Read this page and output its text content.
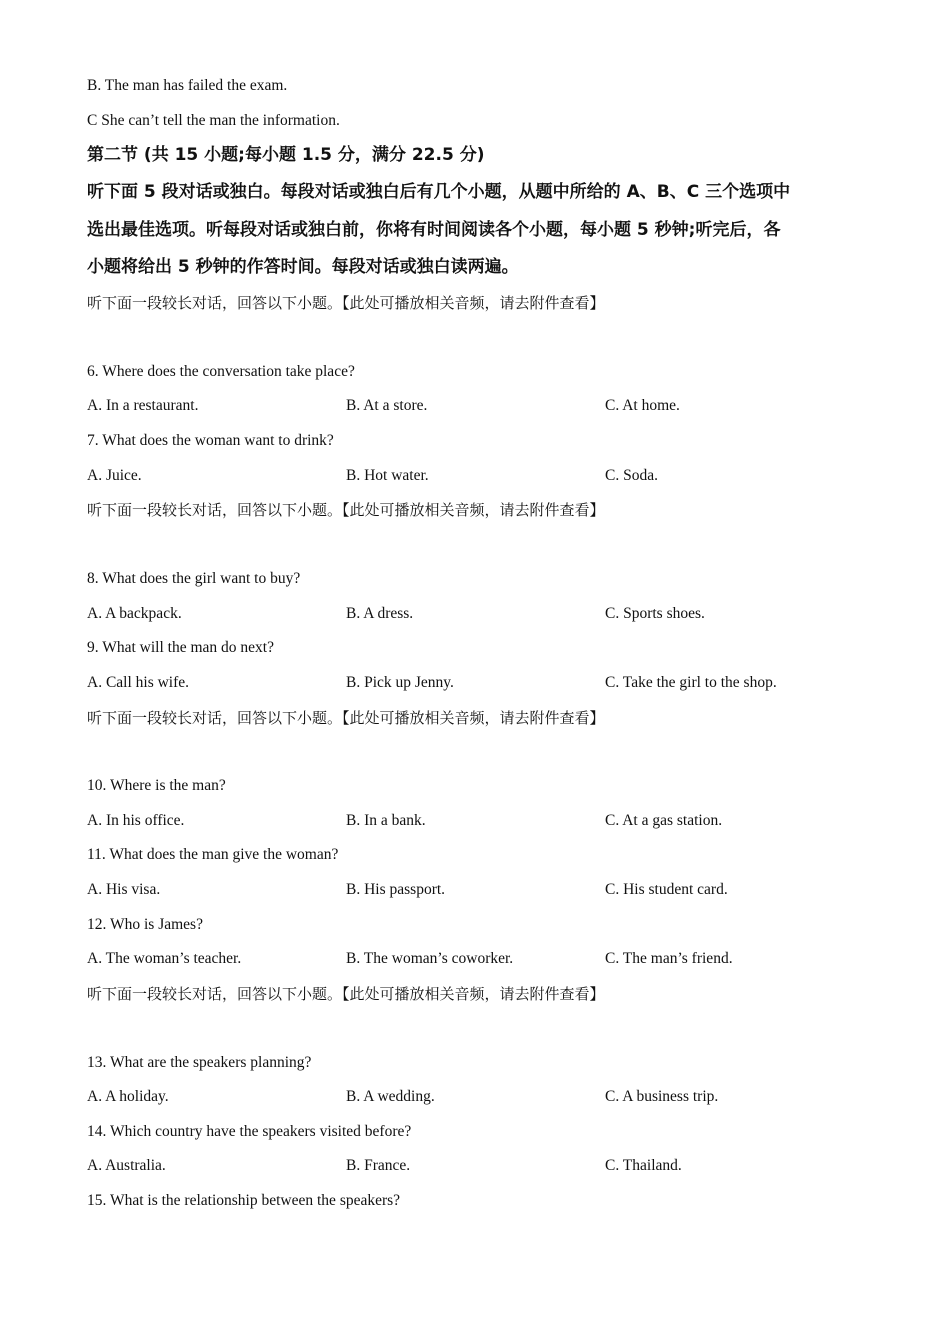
B. The man has failed the exam.
C She can’t tell the man the information.
第二节 (共 15 小题;每小题 1.5 分，满分 22.5 分)
听下面 5 段对话或独白。每段对话或独白后有几个小题，从题中所给的 A、B、C 三个选项中
选出最佳选项。听每段对话或独白前，你将有时间阅读各个小题，每小题 5 秒钟;听完后，各
小题将给出 5 秒钟的作答时间。每段对话或独白读两遍。
听下面一段较长对话，回答以下小题。【此处可播放相关音频，请去附件查看】
6. Where does the conversation take place?
A. In a restaurant.	B. At a store.	C. At home.
7. What does the woman want to drink?
A. Juice.	B. Hot water.	C. Soda.
听下面一段较长对话，回答以下小题。【此处可播放相关音频，请去附件查看】
8. What does the girl want to buy?
A. A backpack.	B. A dress.	C. Sports shoes.
9. What will the man do next?
A. Call his wife.	B. Pick up Jenny.	C. Take the girl to the shop.
听下面一段较长对话，回答以下小题。【此处可播放相关音频，请去附件查看】
10. Where is the man?
A. In his office.	B. In a bank.	C. At a gas station.
11. What does the man give the woman?
A. His visa.	B. His passport.	C. His student card.
12. Who is James?
A. The woman’s teacher.	B. The woman’s coworker.	C. The man’s friend.
听下面一段较长对话，回答以下小题。【此处可播放相关音频，请去附件查看】
13. What are the speakers planning?
A. A holiday.	B. A wedding.	C. A business trip.
14. Which country have the speakers visited before?
A. Australia.	B. France.	C. Thailand.
15. What is the relationship between the speakers?
